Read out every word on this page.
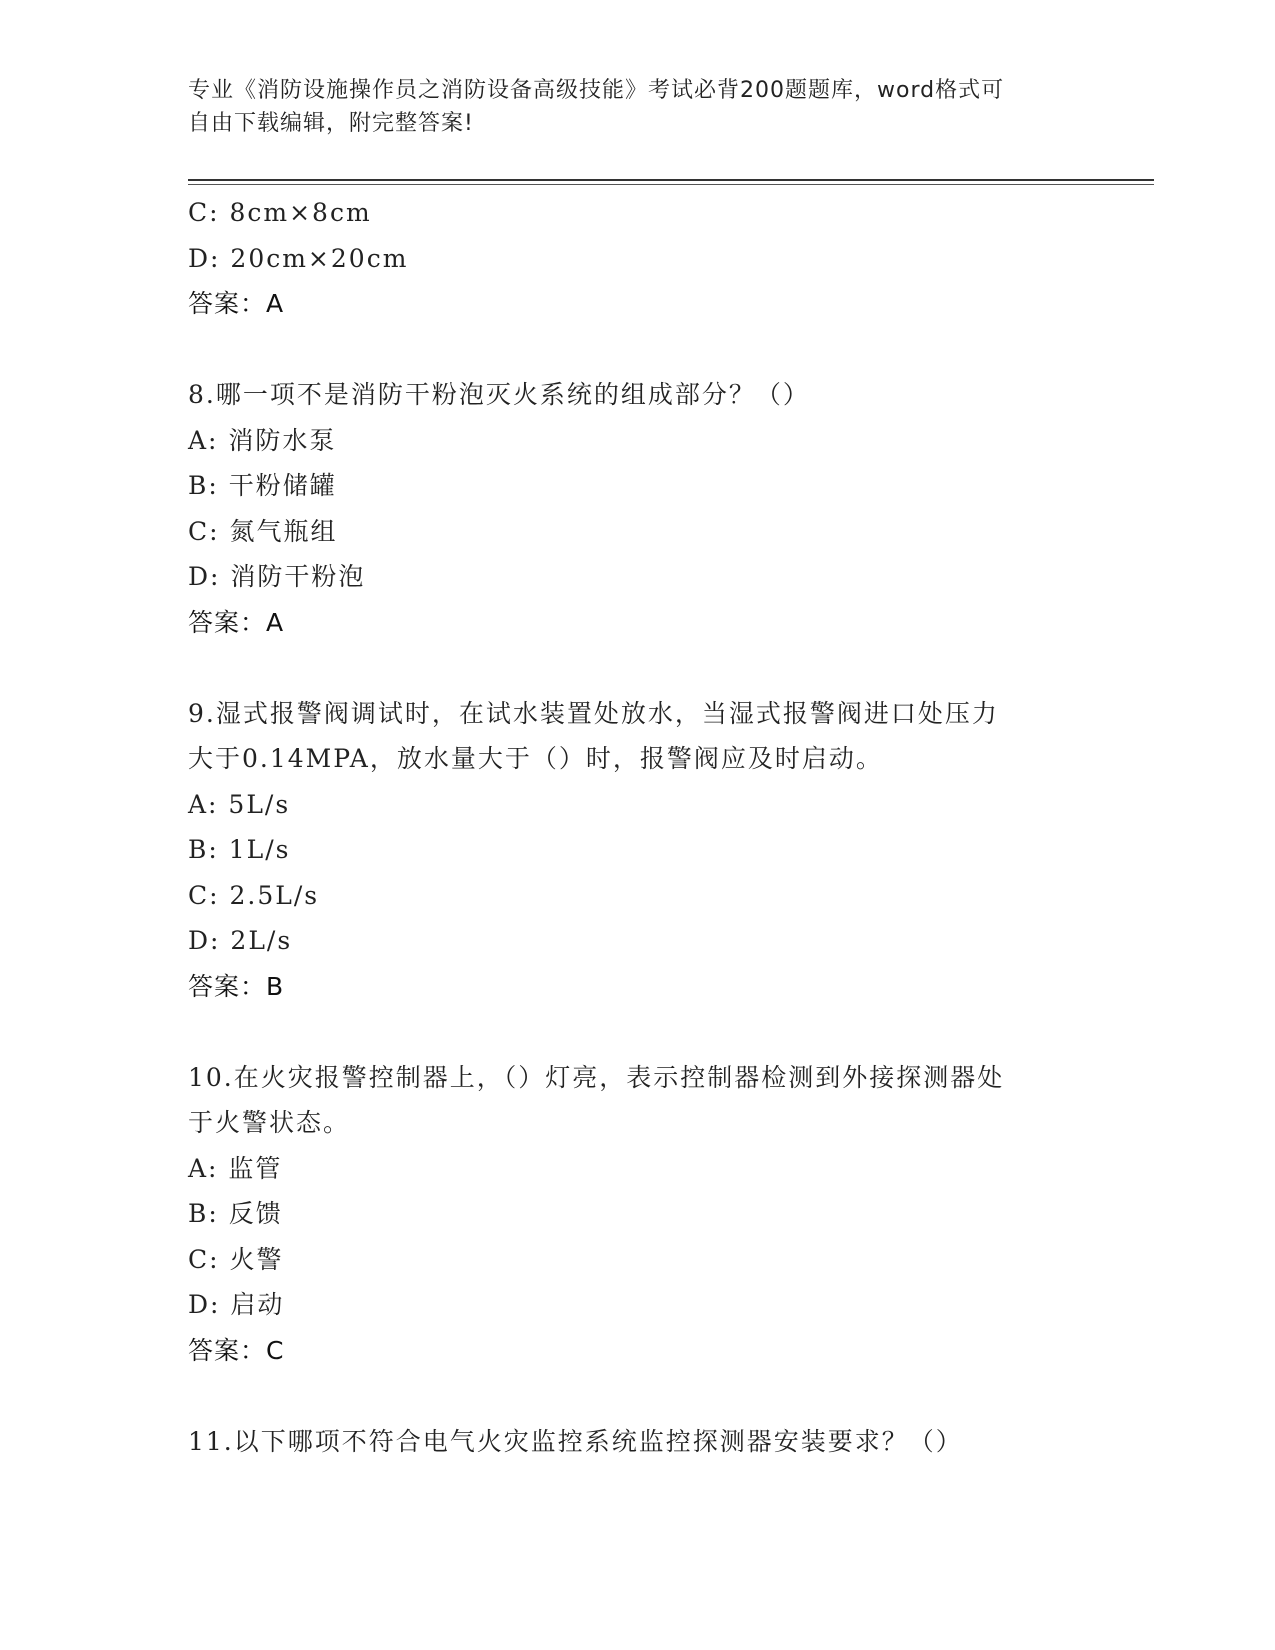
专业《消防设施操作员之消防设备高级技能》考试必背200题题库，word格式可
自由下载编辑，附完整答案!
C: 8cm×8cm
D: 20cm×20cm
答案：A
8.哪一项不是消防干粉泡灭火系统的组成部分？（）
A: 消防水泵
B: 干粉储罐
C: 氮气瓶组
D: 消防干粉泡
答案：A
9.湿式报警阀调试时，在试水装置处放水，当湿式报警阀进口处压力
大于0.14MPA，放水量大于（）时，报警阀应及时启动。
A: 5L/s
B: 1L/s
C: 2.5L/s
D: 2L/s
答案：B
10.在火灾报警控制器上，（）灯亮，表示控制器检测到外接探测器处
于火警状态。
A: 监管
B: 反馈
C: 火警
D: 启动
答案：C
11.以下哪项不符合电气火灾监控系统监控探测器安装要求？（）
